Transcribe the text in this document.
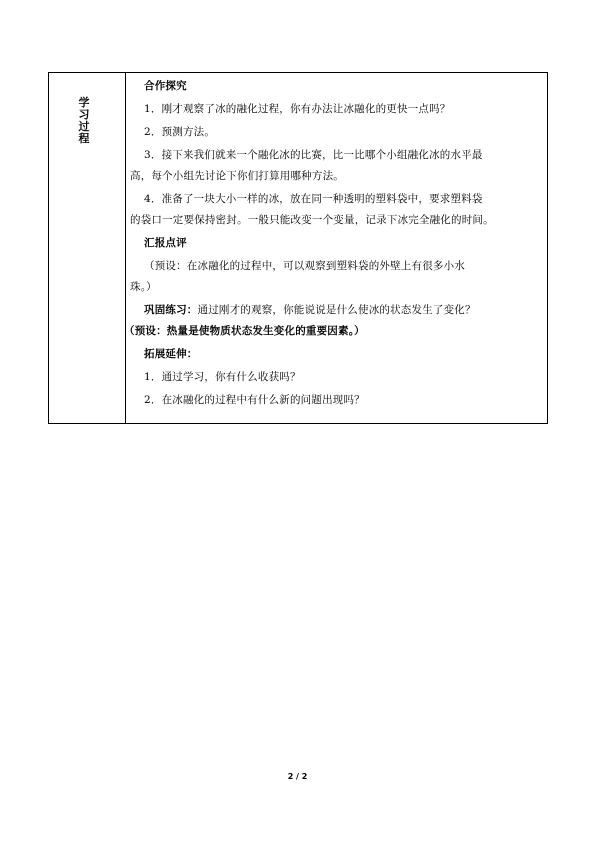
学习过程
合作探究
1．刚才观察了冰的融化过程，你有办法让冰融化的更快一点吗？
2．预测方法。
3．接下来我们就来一个融化冰的比赛，比一比哪个小组融化冰的水平最
高，每个小组先讨论下你们打算用哪种方法。
4．准备了一块大小一样的冰，放在同一种透明的塑料袋中，要求塑料袋
的袋口一定要保持密封。一般只能改变一个变量，记录下冰完全融化的时间。
汇报点评
（预设：在冰融化的过程中，可以观察到塑料袋的外壁上有很多小水
珠。）
巩固练习：通过刚才的观察，你能说说是什么使冰的状态发生了变化？
（预设：热量是使物质状态发生变化的重要因素。）
拓展延伸：
1．通过学习，你有什么收获吗？
2．在冰融化的过程中有什么新的问题出现吗？
2 / 2
